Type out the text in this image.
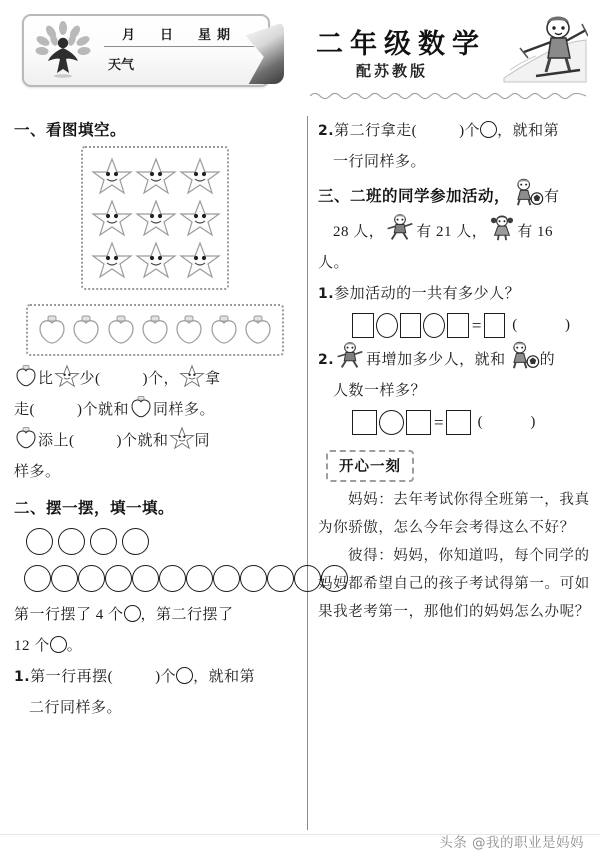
月　日　星期
天气
二年级数学
配苏教版
一、看图填空。
比 少(	)个， 拿
走(	)个就和 同样多。
添上(	)个就和 同
样多。
二、摆一摆，填一填。
第一行摆了 4 个 ，第二行摆了
12 个 。
1.第一行再摆(	)个 ，就和第
二行同样多。
2.第二行拿走(	)个 ，就和第
一行同样多。
三、二班的同学参加活动， 有
28 人， 有 21 人， 有 16
人。
1.参加活动的一共有多少人？
= ( )
2. 再增加多少人，就和 的
人数一样多？
= ( )
开心一刻
妈妈：去年考试你得全班第一，我真为你骄傲，怎么今年会考得这么不好？
彼得：妈妈，你知道吗，每个同学的妈妈都希望自己的孩子考试得第一。可如果我老考第一，那他们的妈妈怎么办呢？
头条 @我的职业是妈妈
